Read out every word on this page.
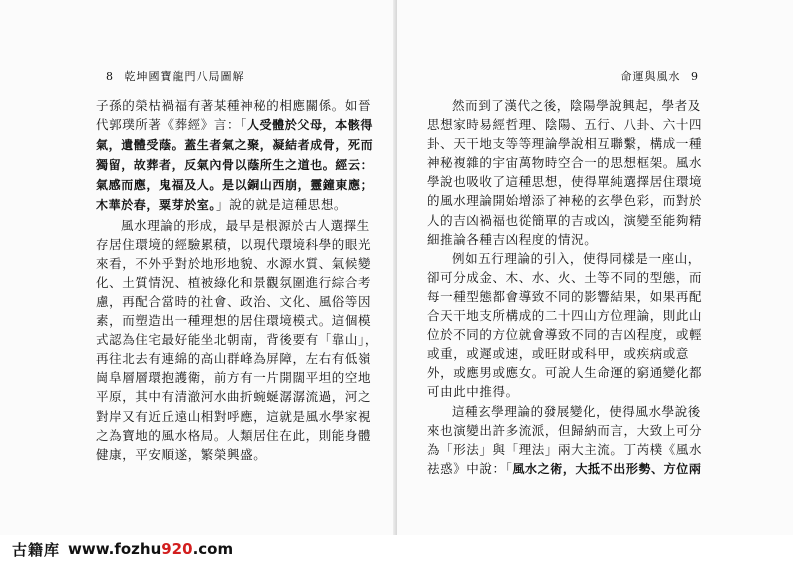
8 乾坤國寶龍門八局圖解

子孫的榮枯禍福有著某種神秘的相應關係。如晉代郭璞所著《葬經》言：「人受體於父母，本骸得氣，遺體受蔭。蓋生者氣之聚，凝結者成骨，死而獨留，故葬者，反氣內骨以蔭所生之道也。經云：氣感而應，鬼福及人。是以銅山西崩，靈鐘東應；木華於春，粟芽於室。」說的就是這種思想。

風水理論的形成，最早是根源於古人選擇生存居住環境的經驗累積，以現代環境科學的眼光來看，不外乎對於地形地貌、水源水質、氣候變化、土質情況、植被綠化和景觀氛圍進行綜合考慮，再配合當時的社會、政治、文化、風俗等因素，而塑造出一種理想的居住環境模式。這個模式認為住宅最好能坐北朝南，背後要有「靠山」，再往北去有連綿的高山群峰為屏障，左右有低嶺崗阜層層環抱護衛，前方有一片開闊平坦的空地平原，其中有清澈河水曲折蜿蜒潺潺流過，河之對岸又有近丘遠山相對呼應，這就是風水學家視之為寶地的風水格局。人類居住在此，則能身體健康，平安順遂，繁榮興盛。

命運與風水 9

然而到了漢代之後，陰陽學說興起，學者及思想家時易經哲理、陰陽、五行、八卦、六十四卦、天干地支等等理論學說相互聯繫，構成一種神秘複雜的宇宙萬物時空合一的思想框架。風水學說也吸收了這種思想，使得單純選擇居住環境的風水理論開始增添了神秘的玄學色彩，而對於人的吉凶禍福也從簡單的吉或凶，演變至能夠精細推論各種吉凶程度的情況。

例如五行理論的引入，使得同樣是一座山，卻可分成金、木、水、火、土等不同的型態，而每一種型態都會導致不同的影響結果，如果再配合天干地支所構成的二十四山方位理論，則此山位於不同的方位就會導致不同的吉凶程度，或輕或重，或遲或速，或旺財或科甲，或疾病或意外，或應男或應女。可說人生命運的窮通變化都可由此中推得。

這種玄學理論的發展變化，使得風水學說後來也演變出許多流派，但歸納而言，大致上可分為「形法」與「理法」兩大主流。丁芮樸《風水祛惑》中說：「風水之術，大抵不出形勢、方位兩

古籍库 www.fozhu920.com
